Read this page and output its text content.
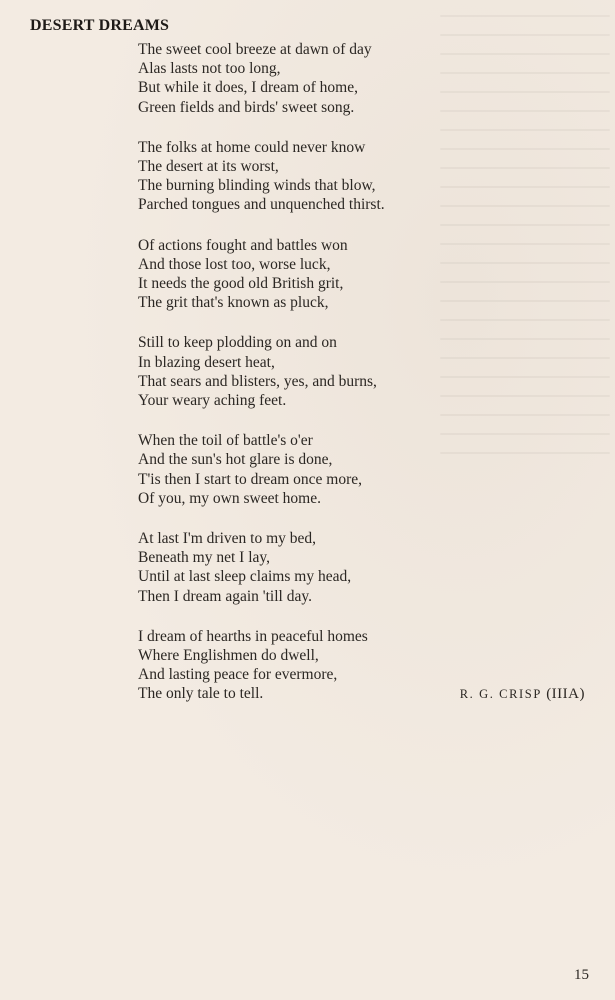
DESERT DREAMS
The sweet cool breeze at dawn of day
Alas lasts not too long,
But while it does, I dream of home,
Green fields and birds' sweet song.
The folks at home could never know
The desert at its worst,
The burning blinding winds that blow,
Parched tongues and unquenched thirst.
Of actions fought and battles won
And those lost too, worse luck,
It needs the good old British grit,
The grit that's known as pluck,
Still to keep plodding on and on
In blazing desert heat,
That sears and blisters, yes, and burns,
Your weary aching feet.
When the toil of battle's o'er
And the sun's hot glare is done,
T'is then I start to dream once more,
Of you, my own sweet home.
At last I'm driven to my bed,
Beneath my net I lay,
Until at last sleep claims my head,
Then I dream again 'till day.
I dream of hearths in peaceful homes
Where Englishmen do dwell,
And lasting peace for evermore,
The only tale to tell.	R. G. CRISP (IIIA)
15
